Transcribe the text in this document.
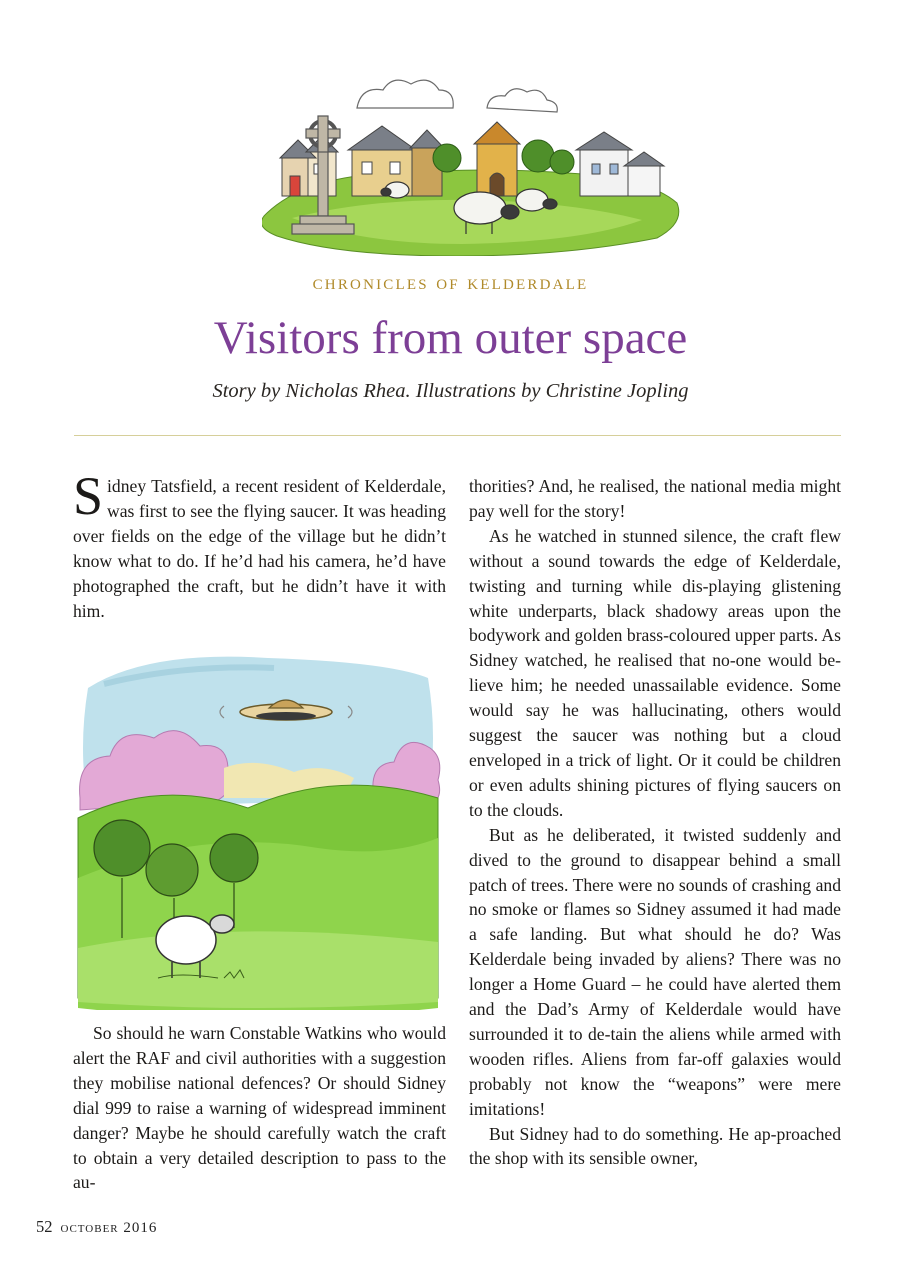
chronicles of kelderdale
Visitors from outer space
Story by Nicholas Rhea. Illustrations by Christine Jopling

Sidney Tatsfield, a recent resident of Kelderdale, was first to see the flying saucer. It was heading over fields on the edge of the village but he didn’t know what to do. If he’d had his camera, he’d have photographed the craft, but he didn’t have it with him.

So should he warn Constable Watkins who would alert the RAF and civil authorities with a suggestion they mobilise national defences? Or should Sidney dial 999 to raise a warning of widespread imminent danger? Maybe he should carefully watch the craft to obtain a very detailed description to pass to the au-

thorities? And, he realised, the national media might pay well for the story!

As he watched in stunned silence, the craft flew without a sound towards the edge of Kelderdale, twisting and turning while dis-playing glistening white underparts, black shadowy areas upon the bodywork and golden brass-coloured upper parts. As Sidney watched, he realised that no-one would be-lieve him; he needed unassailable evidence. Some would say he was hallucinating, others would suggest the saucer was nothing but a cloud enveloped in a trick of light. Or it could be children or even adults shining pictures of flying saucers on to the clouds.

But as he deliberated, it twisted suddenly and dived to the ground to disappear behind a small patch of trees. There were no sounds of crashing and no smoke or flames so Sidney assumed it had made a safe landing. But what should he do? Was Kelderdale being invaded by aliens? There was no longer a Home Guard – he could have alerted them and the Dad’s Army of Kelderdale would have surrounded it to de-tain the aliens while armed with wooden rifles. Aliens from far-off galaxies would probably not know the “weapons” were mere imitations!

But Sidney had to do something. He ap-proached the shop with its sensible owner,

52 october 2016
